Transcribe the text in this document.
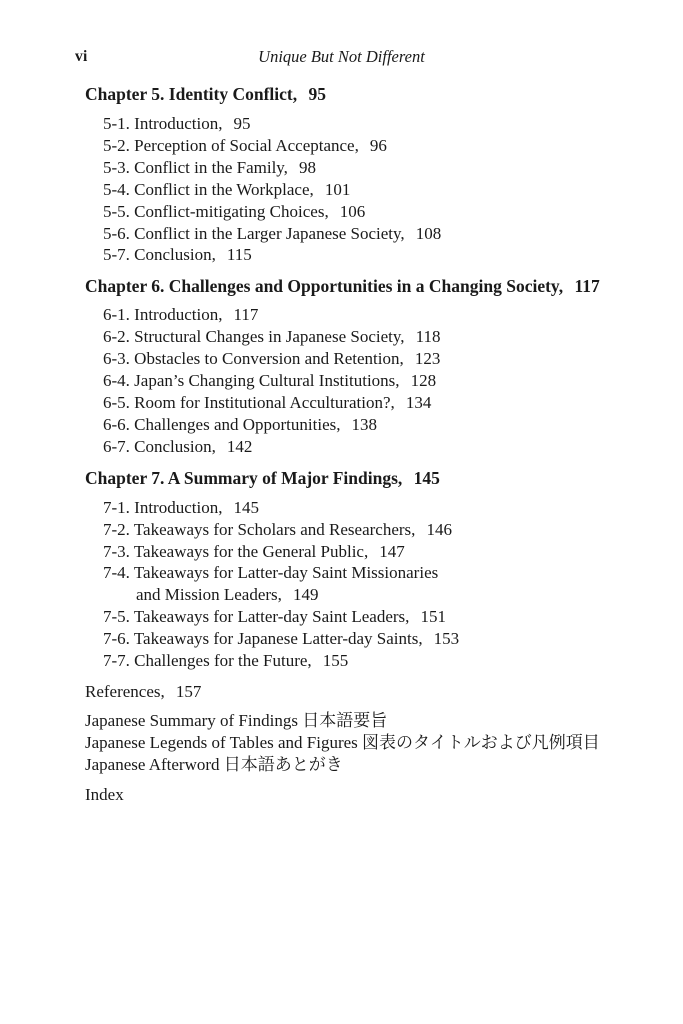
vi	Unique But Not Different
Chapter 5. Identity Conflict, 95
5-1. Introduction, 95
5-2. Perception of Social Acceptance, 96
5-3. Conflict in the Family, 98
5-4. Conflict in the Workplace, 101
5-5. Conflict-mitigating Choices, 106
5-6. Conflict in the Larger Japanese Society, 108
5-7. Conclusion, 115
Chapter 6. Challenges and Opportunities in a Changing Society, 117
6-1. Introduction, 117
6-2. Structural Changes in Japanese Society, 118
6-3. Obstacles to Conversion and Retention, 123
6-4. Japan’s Changing Cultural Institutions, 128
6-5. Room for Institutional Acculturation?, 134
6-6. Challenges and Opportunities, 138
6-7. Conclusion, 142
Chapter 7. A Summary of Major Findings, 145
7-1. Introduction, 145
7-2. Takeaways for Scholars and Researchers, 146
7-3. Takeaways for the General Public, 147
7-4. Takeaways for Latter-day Saint Missionaries
and Mission Leaders, 149
7-5. Takeaways for Latter-day Saint Leaders, 151
7-6. Takeaways for Japanese Latter-day Saints, 153
7-7. Challenges for the Future, 155
References, 157
Japanese Summary of Findings 日本語要旨
Japanese Legends of Tables and Figures 図表のタイトルおよび凡例項目
Japanese Afterword 日本語あとがき
Index
